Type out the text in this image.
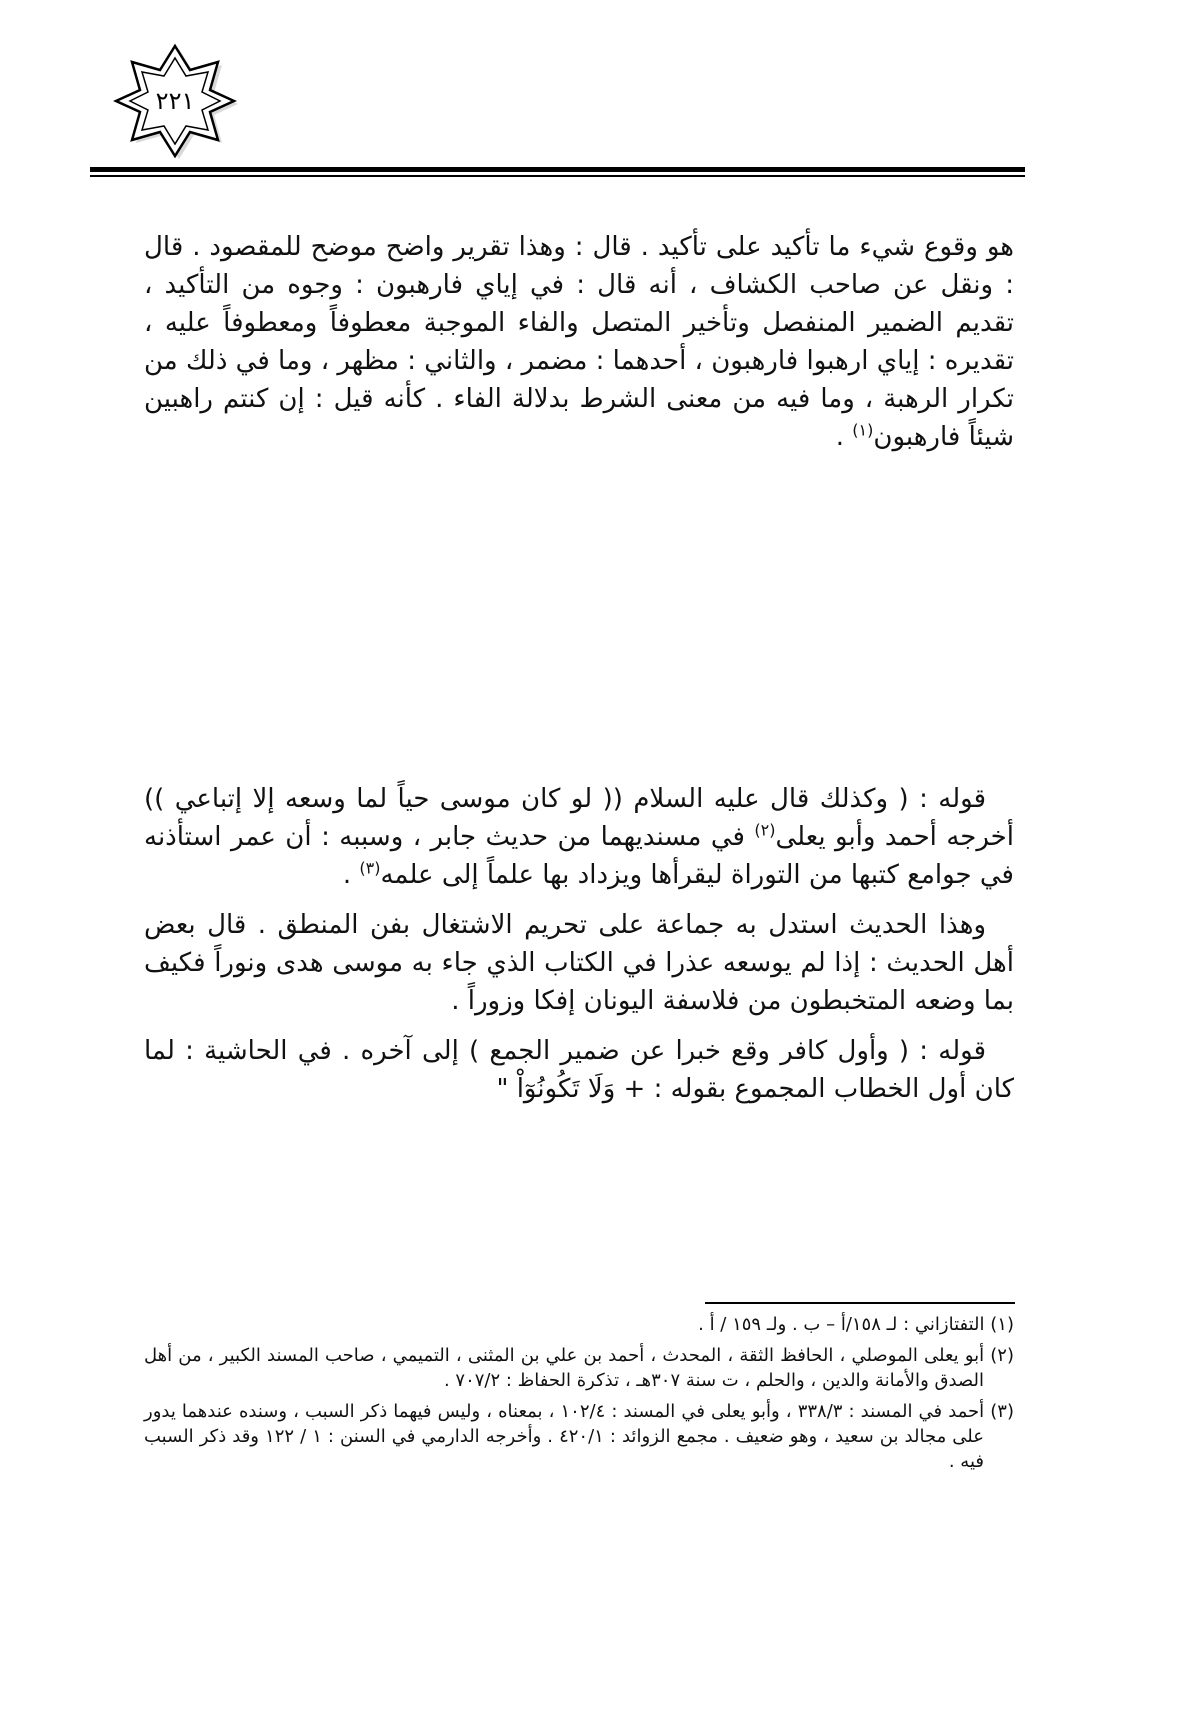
٢٢١

هو وقوع شيء ما تأكيد على تأكيد . قال : وهذا تقرير واضح موضح للمقصود . قال : ونقل عن صاحب الكشاف ، أنه قال : في إياي فارهبون : وجوه من التأكيد ، تقديم الضمير المنفصل وتأخير المتصل والفاء الموجبة معطوفاً ومعطوفاً عليه ، تقديره : إياي ارهبوا فارهبون ، أحدهما : مضمر ، والثاني : مظهر ، وما في ذلك من تكرار الرهبة ، وما فيه من معنى الشرط بدلالة الفاء . كأنه قيل : إن كنتم راهبين شيئاً فارهبون$^{(١)}$ .

قوله : ( وكذلك قال عليه السلام (( لو كان موسى حياً لما وسعه إلا إتباعي )) أخرجه أحمد وأبو يعلى$^{(٢)}$ في مسنديهما من حديث جابر ، وسببه : أن عمر استأذنه في جوامع كتبها من التوراة ليقرأها ويزداد بها علماً إلى علمه$^{(٣)}$ .

وهذا الحديث استدل به جماعة على تحريم الاشتغال بفن المنطق . قال بعض أهل الحديث : إذا لم يوسعه عذرا في الكتاب الذي جاء به موسى هدى ونوراً فكيف بما وضعه المتخبطون من فلاسفة اليونان إفكا وزوراً .

قوله : ( وأول كافر وقع خبرا عن ضمير الجمع ) إلى آخره . في الحاشية : لما كان أول الخطاب المجموع بقوله : + وَلَا تَكُونُوٓاْ "

(١) التفتازاني : لـ ١٥٨/أ – ب . ولـ ١٥٩ / أ .

(٢) أبو يعلى الموصلي ، الحافظ الثقة ، المحدث ، أحمد بن علي بن المثنى ، التميمي ، صاحب المسند الكبير ، من أهل الصدق والأمانة والدين ، والحلم ، ت سنة ٣٠٧هـ ، تذكرة الحفاظ : ٧٠٧/٢ .

(٣) أحمد في المسند : ٣٣٨/٣ ، وأبو يعلى في المسند : ١٠٢/٤ ، بمعناه ، وليس فيهما ذكر السبب ، وسنده عندهما يدور على مجالد بن سعيد ، وهو ضعيف . مجمع الزوائد : ٤٢٠/١ . وأخرجه الدارمي في السنن : ١ / ١٢٢ وقد ذكر السبب فيه .
